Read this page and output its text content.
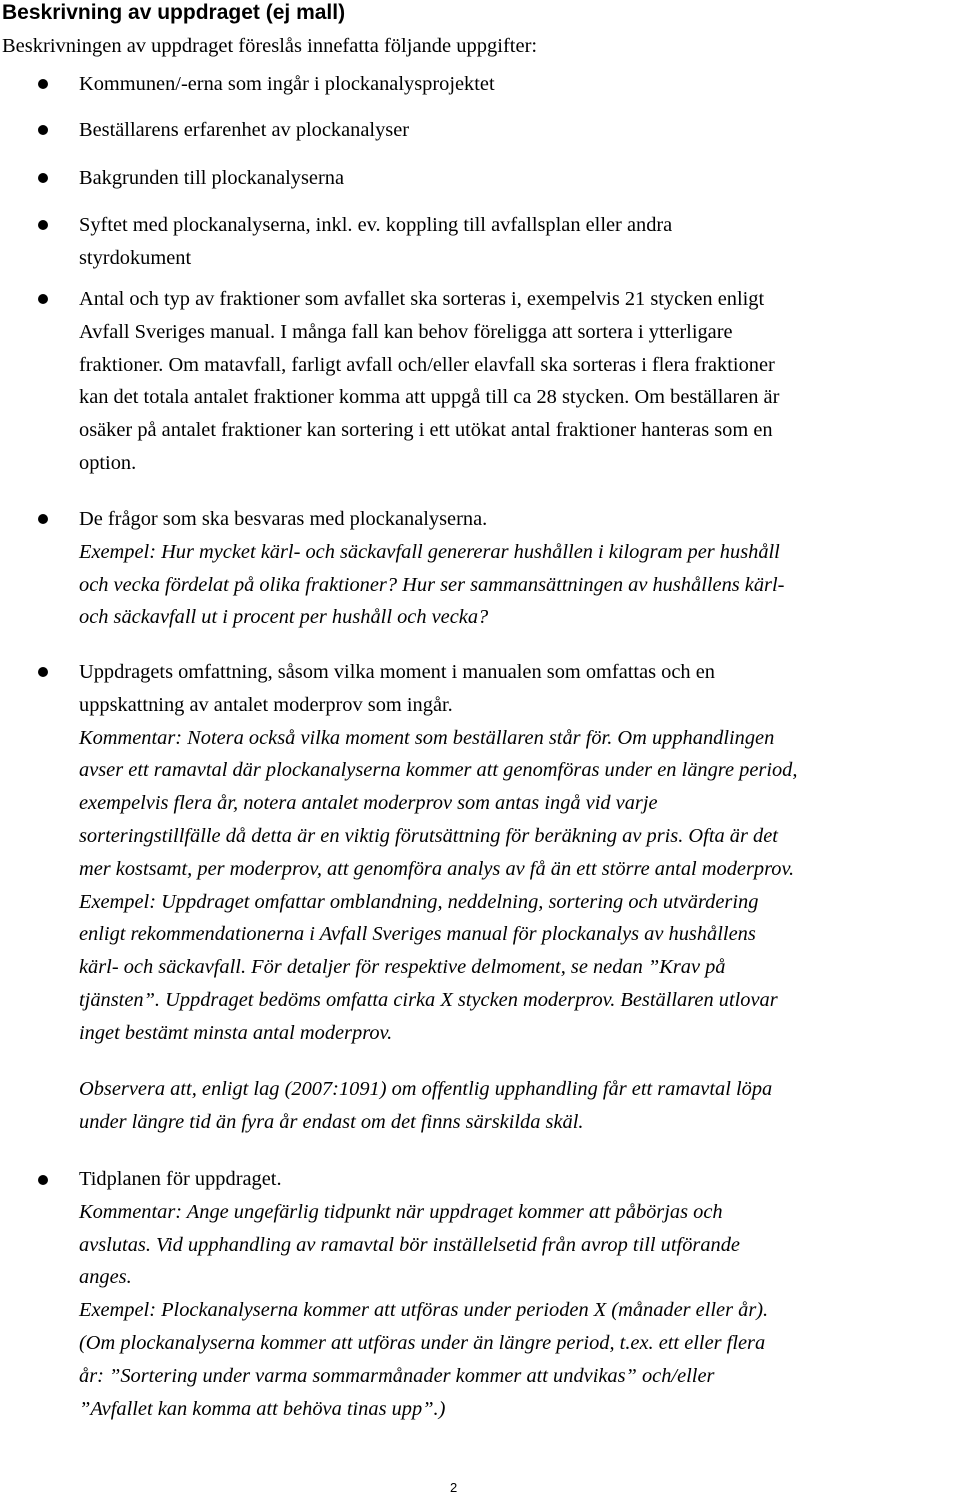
Beskrivning av uppdraget (ej mall)

Beskrivningen av uppdraget föreslås innefatta följande uppgifter:

Kommunen/-erna som ingår i plockanalysprojektet
Beställarens erfarenhet av plockanalyser
Bakgrunden till plockanalyserna
Syftet med plockanalyserna, inkl. ev. koppling till avfallsplan eller andra
styrdokument
Antal och typ av fraktioner som avfallet ska sorteras i, exempelvis 21 stycken enligt
Avfall Sveriges manual. I många fall kan behov föreligga att sortera i ytterligare
fraktioner. Om matavfall, farligt avfall och/eller elavfall ska sorteras i flera fraktioner
kan det totala antalet fraktioner komma att uppgå till ca 28 stycken. Om beställaren är
osäker på antalet fraktioner kan sortering i ett utökat antal fraktioner hanteras som en
option.
De frågor som ska besvaras med plockanalyserna.
Exempel: Hur mycket kärl- och säckavfall genererar hushållen i kilogram per hushåll
och vecka fördelat på olika fraktioner? Hur ser sammansättningen av hushållens kärl-
och säckavfall ut i procent per hushåll och vecka?
Uppdragets omfattning, såsom vilka moment i manualen som omfattas och en
uppskattning av antalet moderprov som ingår.
Kommentar: Notera också vilka moment som beställaren står för. Om upphandlingen
avser ett ramavtal där plockanalyserna kommer att genomföras under en längre period,
exempelvis flera år, notera antalet moderprov som antas ingå vid varje
sorteringstillfälle då detta är en viktig förutsättning för beräkning av pris. Ofta är det
mer kostsamt, per moderprov, att genomföra analys av få än ett större antal moderprov.
Exempel: Uppdraget omfattar omblandning, neddelning, sortering och utvärdering
enligt rekommendationerna i Avfall Sveriges manual för plockanalys av hushållens
kärl- och säckavfall. För detaljer för respektive delmoment, se nedan ”Krav på
tjänsten”. Uppdraget bedöms omfatta cirka X stycken moderprov. Beställaren utlovar
inget bestämt minsta antal moderprov.
Observera att, enligt lag (2007:1091) om offentlig upphandling får ett ramavtal löpa
under längre tid än fyra år endast om det finns särskilda skäl.
Tidplanen för uppdraget.
Kommentar: Ange ungefärlig tidpunkt när uppdraget kommer att påbörjas och
avslutas. Vid upphandling av ramavtal bör inställelsetid från avrop till utförande
anges.
Exempel: Plockanalyserna kommer att utföras under perioden X (månader eller år).
(Om plockanalyserna kommer att utföras under än längre period, t.ex. ett eller flera
år: ”Sortering under varma sommarmånader kommer att undvikas” och/eller
”Avfallet kan komma att behöva tinas upp”.)
2
